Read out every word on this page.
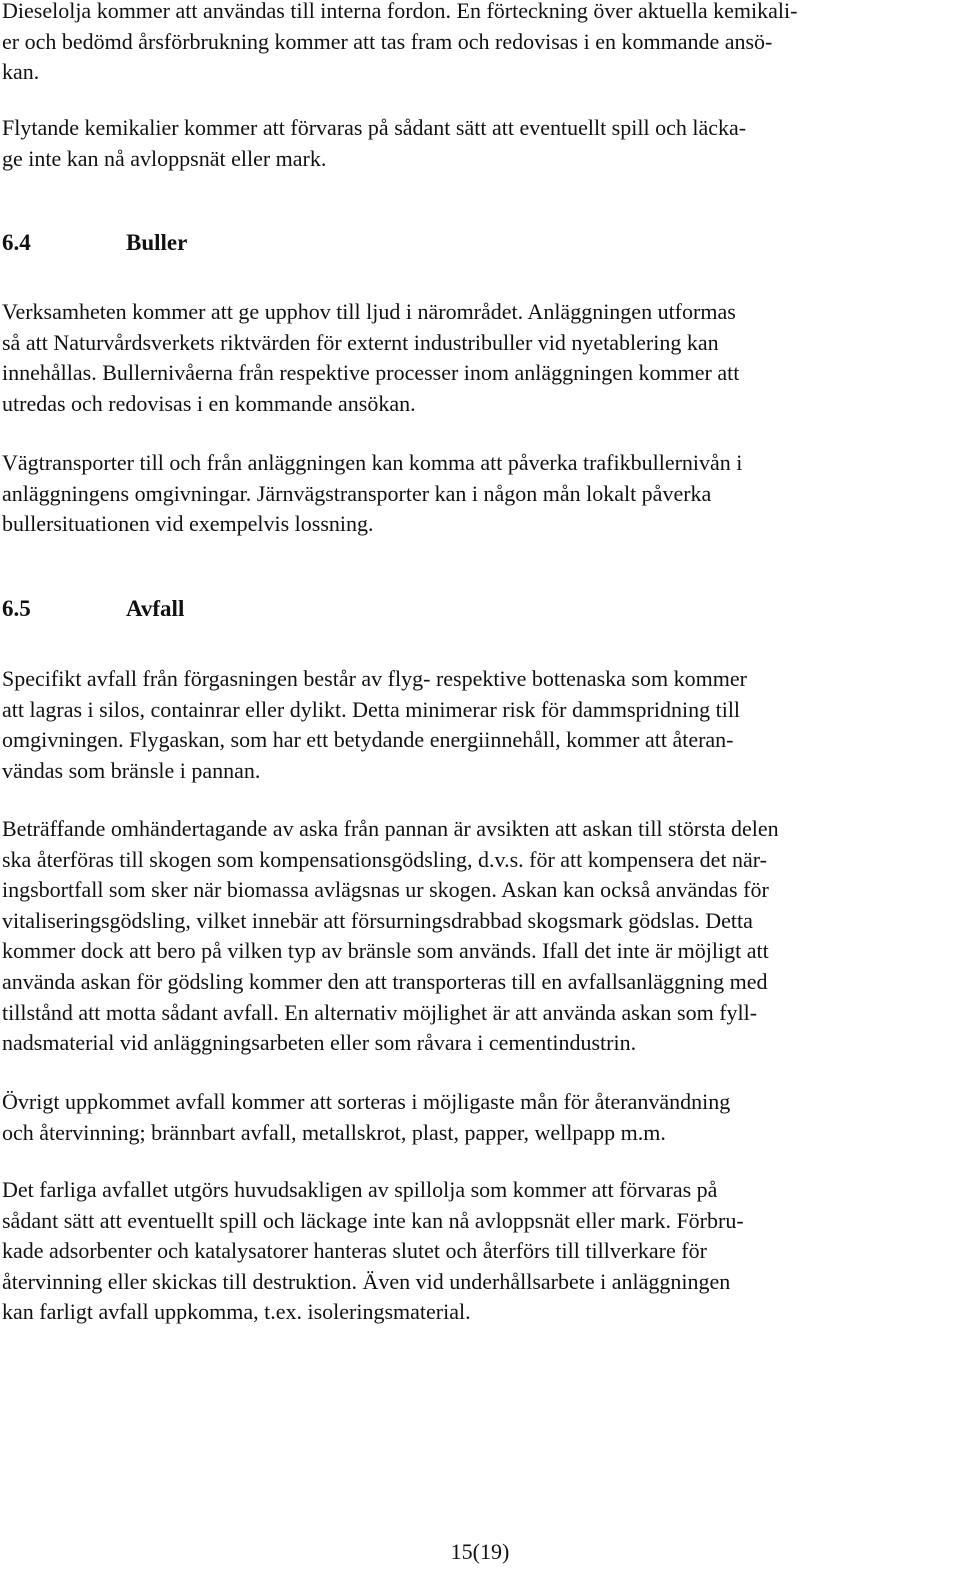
Dieselolja kommer att användas till interna fordon. En förteckning över aktuella kemikali-
er och bedömd årsförbrukning kommer att tas fram och redovisas i en kommande ansö-
kan.

Flytande kemikalier kommer att förvaras på sådant sätt att eventuellt spill och läcka-
ge inte kan nå avloppsnät eller mark.

6.4	Buller

Verksamheten kommer att ge upphov till ljud i närområdet. Anläggningen utformas
så att Naturvårdsverkets riktvärden för externt industribuller vid nyetablering kan
innehållas. Bullernivåerna från respektive processer inom anläggningen kommer att
utredas och redovisas i en kommande ansökan.

Vägtransporter till och från anläggningen kan komma att påverka trafikbullernivån i
anläggningens omgivningar. Järnvägstransporter kan i någon mån lokalt påverka
bullersituationen vid exempelvis lossning.

6.5	Avfall

Specifikt avfall från förgasningen består av flyg- respektive bottenaska som kommer
att lagras i silos, containrar eller dylikt. Detta minimerar risk för dammspridning till
omgivningen. Flygaskan, som har ett betydande energiinnehåll, kommer att återan-
vändas som bränsle i pannan.

Beträffande omhändertagande av aska från pannan är avsikten att askan till största delen
ska återföras till skogen som kompensationsgödsling, d.v.s. för att kompensera det när-
ingsbortfall som sker när biomassa avlägsnas ur skogen. Askan kan också användas för
vitaliseringsgödsling, vilket innebär att försurningsdrabbad skogsmark gödslas. Detta
kommer dock att bero på vilken typ av bränsle som används. Ifall det inte är möjligt att
använda askan för gödsling kommer den att transporteras till en avfallsanläggning med
tillstånd att motta sådant avfall. En alternativ möjlighet är att använda askan som fyll-
nadsmaterial vid anläggningsarbeten eller som råvara i cementindustrin.

Övrigt uppkommet avfall kommer att sorteras i möjligaste mån för återanvändning
och återvinning; brännbart avfall, metallskrot, plast, papper, wellpapp m.m.

Det farliga avfallet utgörs huvudsakligen av spillolja som kommer att förvaras på
sådant sätt att eventuellt spill och läckage inte kan nå avloppsnät eller mark. Förbru-
kade adsorbenter och katalysatorer hanteras slutet och återförs till tillverkare för
återvinning eller skickas till destruktion. Även vid underhållsarbete i anläggningen
kan farligt avfall uppkomma, t.ex. isoleringsmaterial.

15(19)
